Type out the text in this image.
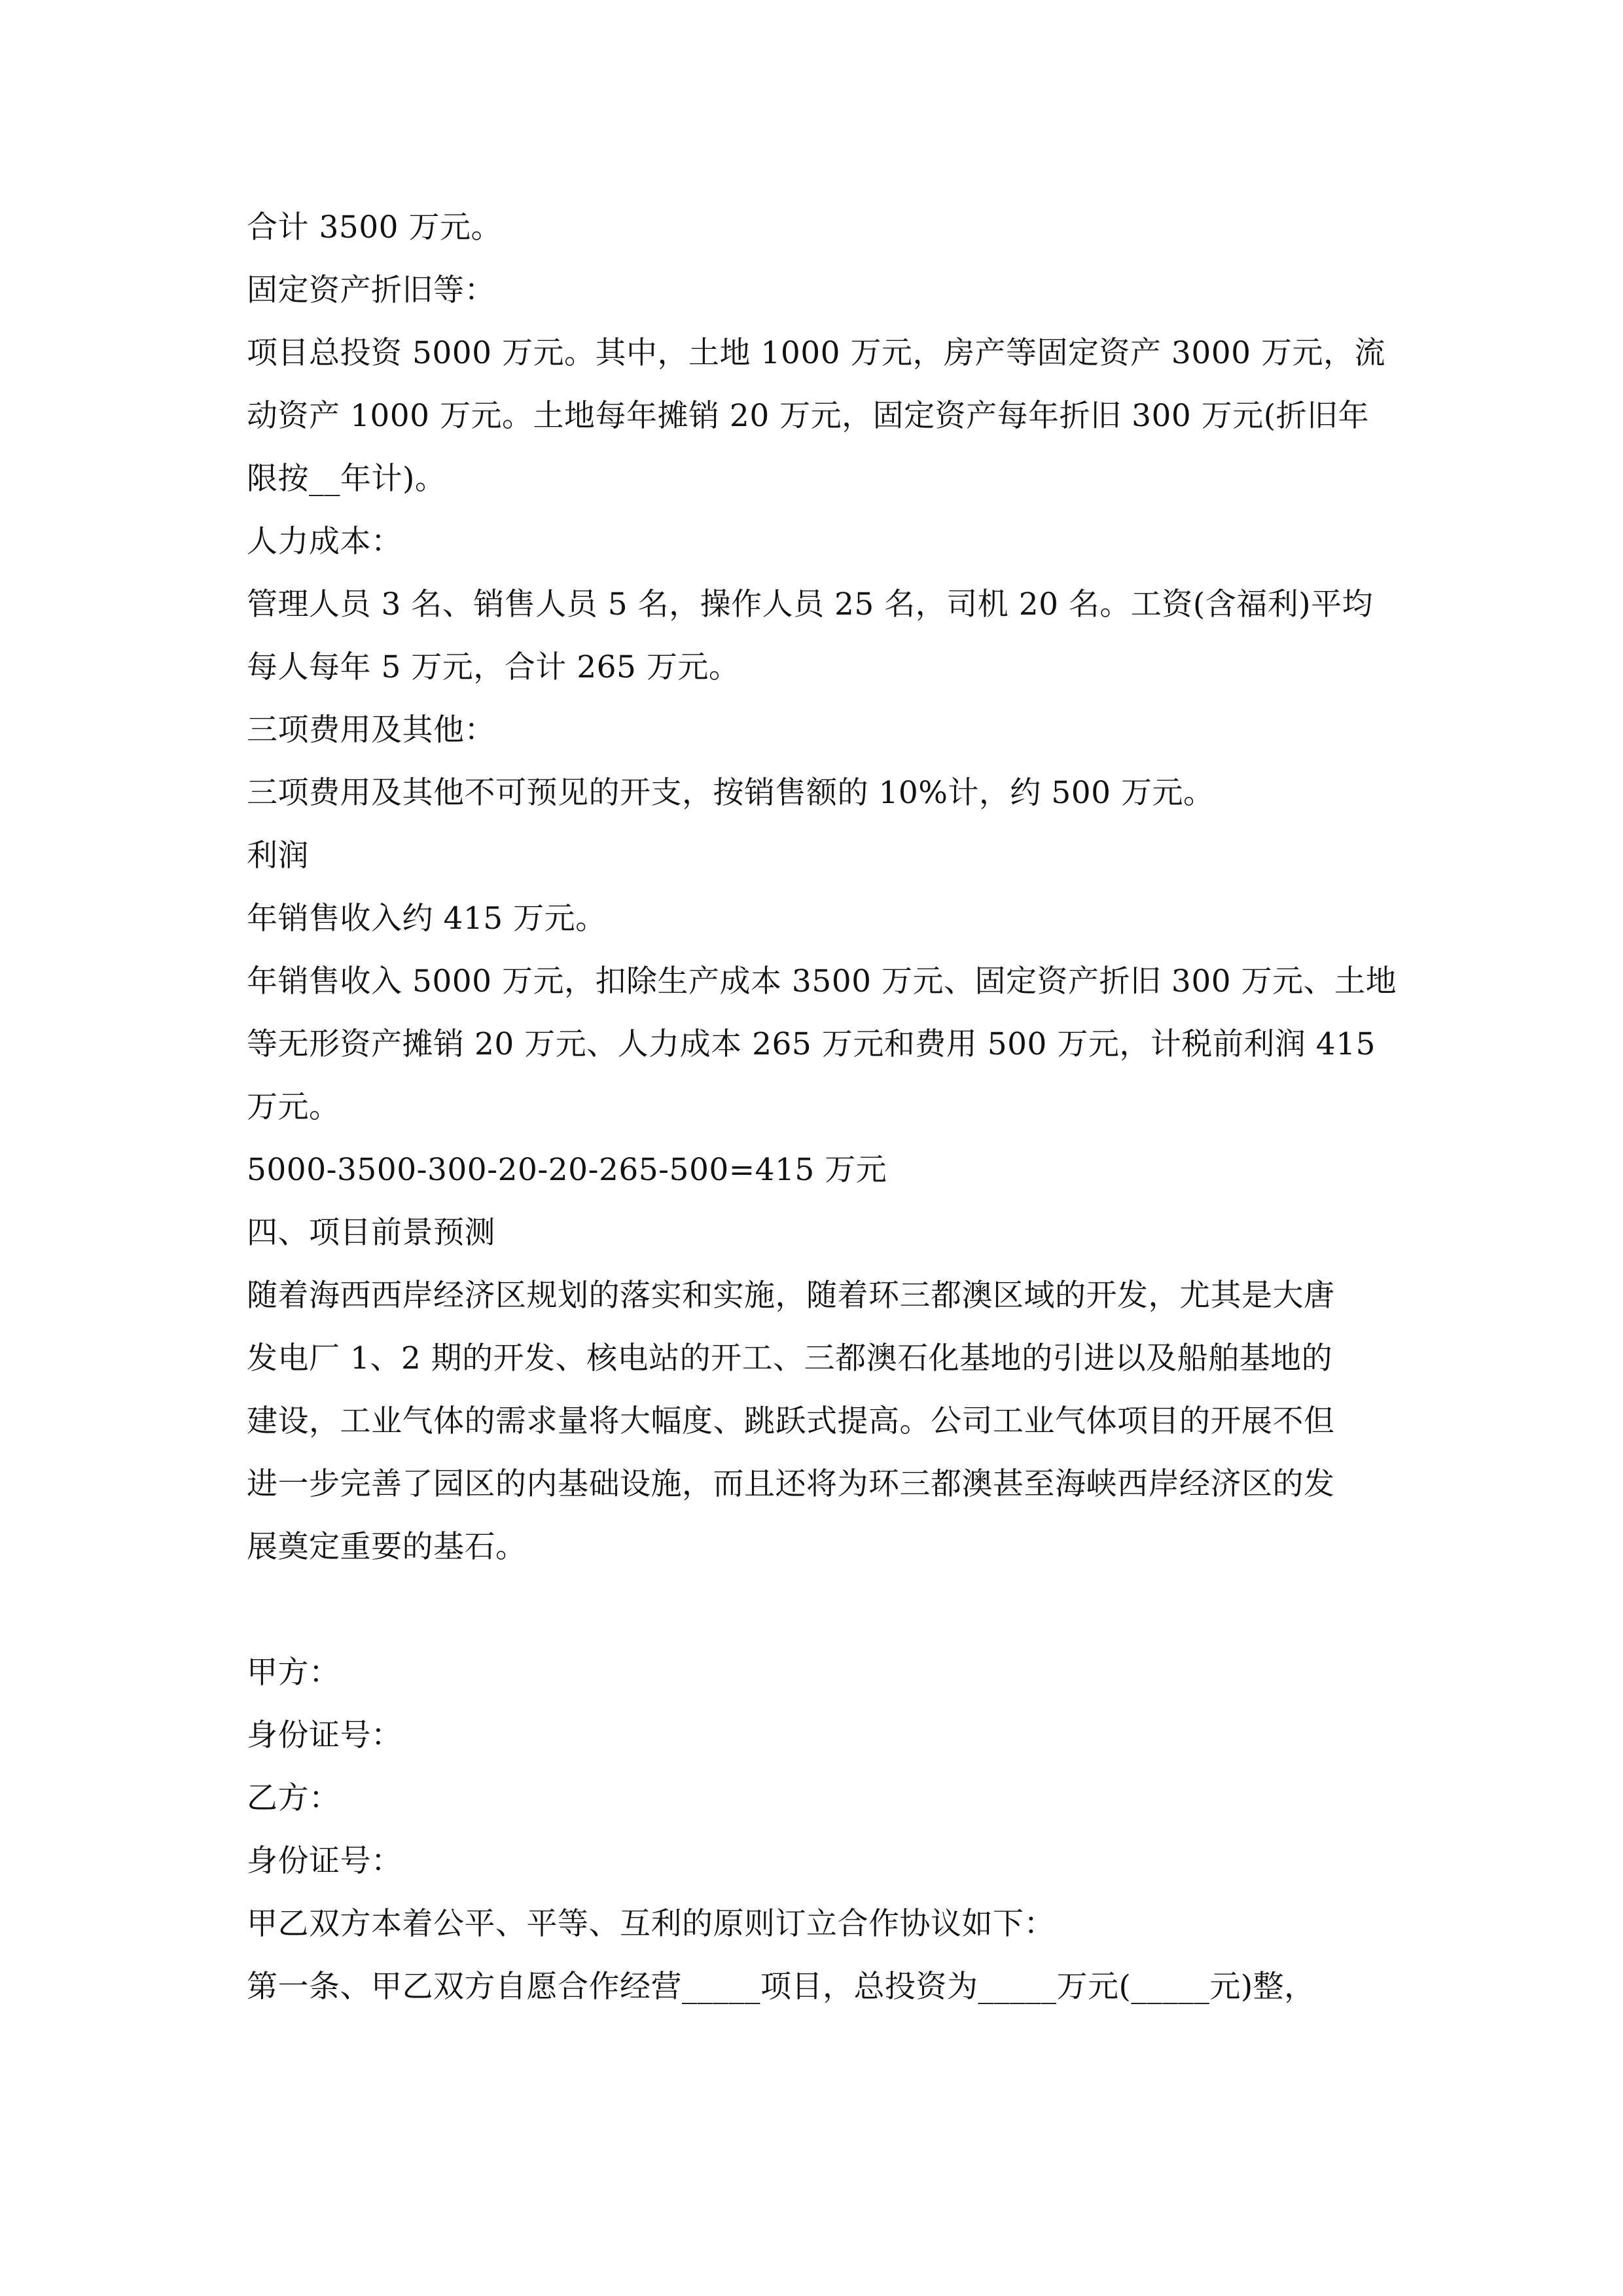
合计 3500 万元。

固定资产折旧等：

项目总投资 5000 万元。其中，土地 1000 万元，房产等固定资产 3000 万元，流

动资产 1000 万元。土地每年摊销 20 万元，固定资产每年折旧 300 万元(折旧年

限按__年计)。

人力成本：

管理人员 3 名、销售人员 5 名，操作人员 25 名，司机 20 名。工资(含福利)平均

每人每年 5 万元，合计 265 万元。

三项费用及其他：

三项费用及其他不可预见的开支，按销售额的 10%计，约 500 万元。

利润

年销售收入约 415 万元。

年销售收入 5000 万元，扣除生产成本 3500 万元、固定资产折旧 300 万元、土地

等无形资产摊销 20 万元、人力成本 265 万元和费用 500 万元，计税前利润 415

万元。

5000-3500-300-20-20-265-500=415 万元

四、项目前景预测

随着海西西岸经济区规划的落实和实施，随着环三都澳区域的开发，尤其是大唐

发电厂 1、2 期的开发、核电站的开工、三都澳石化基地的引进以及船舶基地的

建设，工业气体的需求量将大幅度、跳跃式提高。公司工业气体项目的开展不但

进一步完善了园区的内基础设施，而且还将为环三都澳甚至海峡西岸经济区的发

展奠定重要的基石。

甲方：

身份证号：

乙方：

身份证号：

甲乙双方本着公平、平等、互利的原则订立合作协议如下：

第一条、甲乙双方自愿合作经营_____项目，总投资为_____万元(_____元)整，
